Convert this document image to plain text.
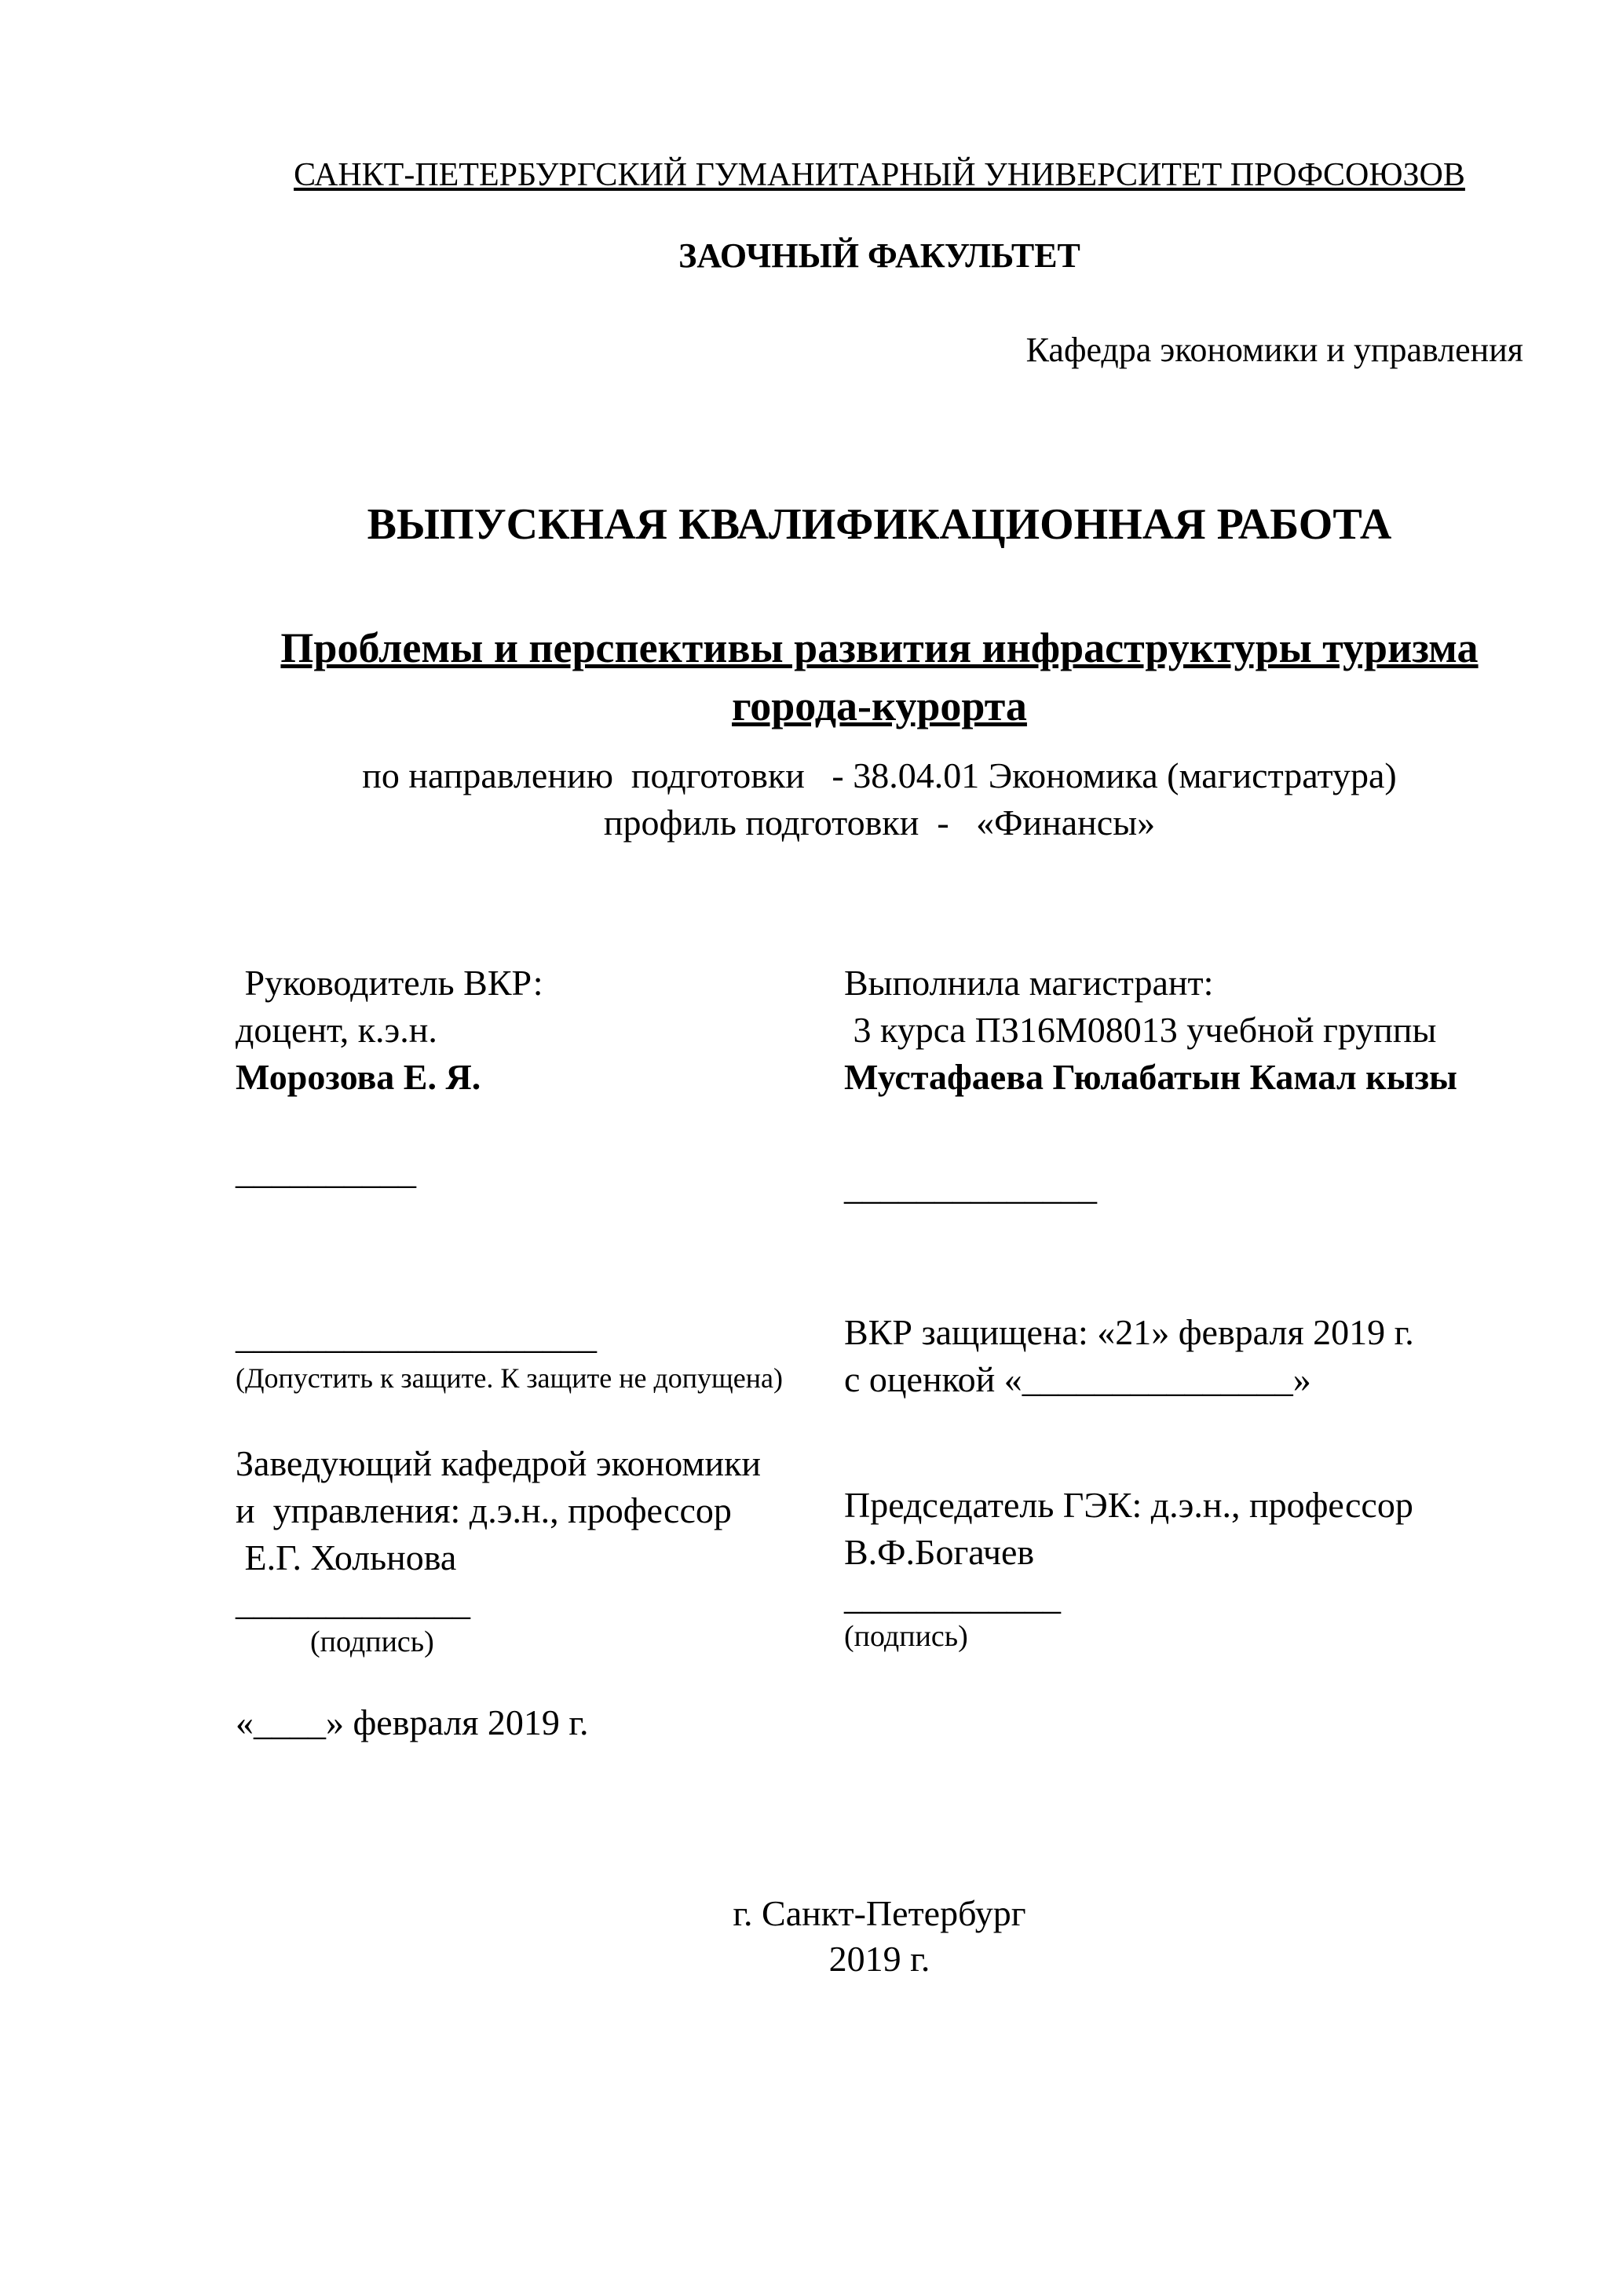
САНКТ-ПЕТЕРБУРГСКИЙ ГУМАНИТАРНЫЙ УНИВЕРСИТЕТ ПРОФСОЮЗОВ
ЗАОЧНЫЙ ФАКУЛЬТЕТ
Кафедра экономики и управления
ВЫПУСКНАЯ КВАЛИФИКАЦИОННАЯ РАБОТА
Проблемы и перспективы развития инфраструктуры туризма
города-курорта
по направлению  подготовки   - 38.04.01 Экономика (магистратура)
профиль подготовки  -   «Финансы»
Руководитель ВКР:
доцент, к.э.н.
Морозова Е. Я.
__________
____________________
(Допустить к защите. К защите не допущена)
Заведующий кафедрой экономики
и  управления: д.э.н., профессор
Е.Г. Хольнова
_____________
(подпись)
«____» февраля 2019 г.
Выполнила магистрант:
3 курса ПЗ16М08013 учебной группы
Мустафаева Гюлабатын Камал кызы
______________
ВКР защищена: «21» февраля 2019 г.
с оценкой «_______________»
Председатель ГЭК: д.э.н., профессор
В.Ф.Богачев
____________
(подпись)
г. Санкт-Петербург
2019 г.
